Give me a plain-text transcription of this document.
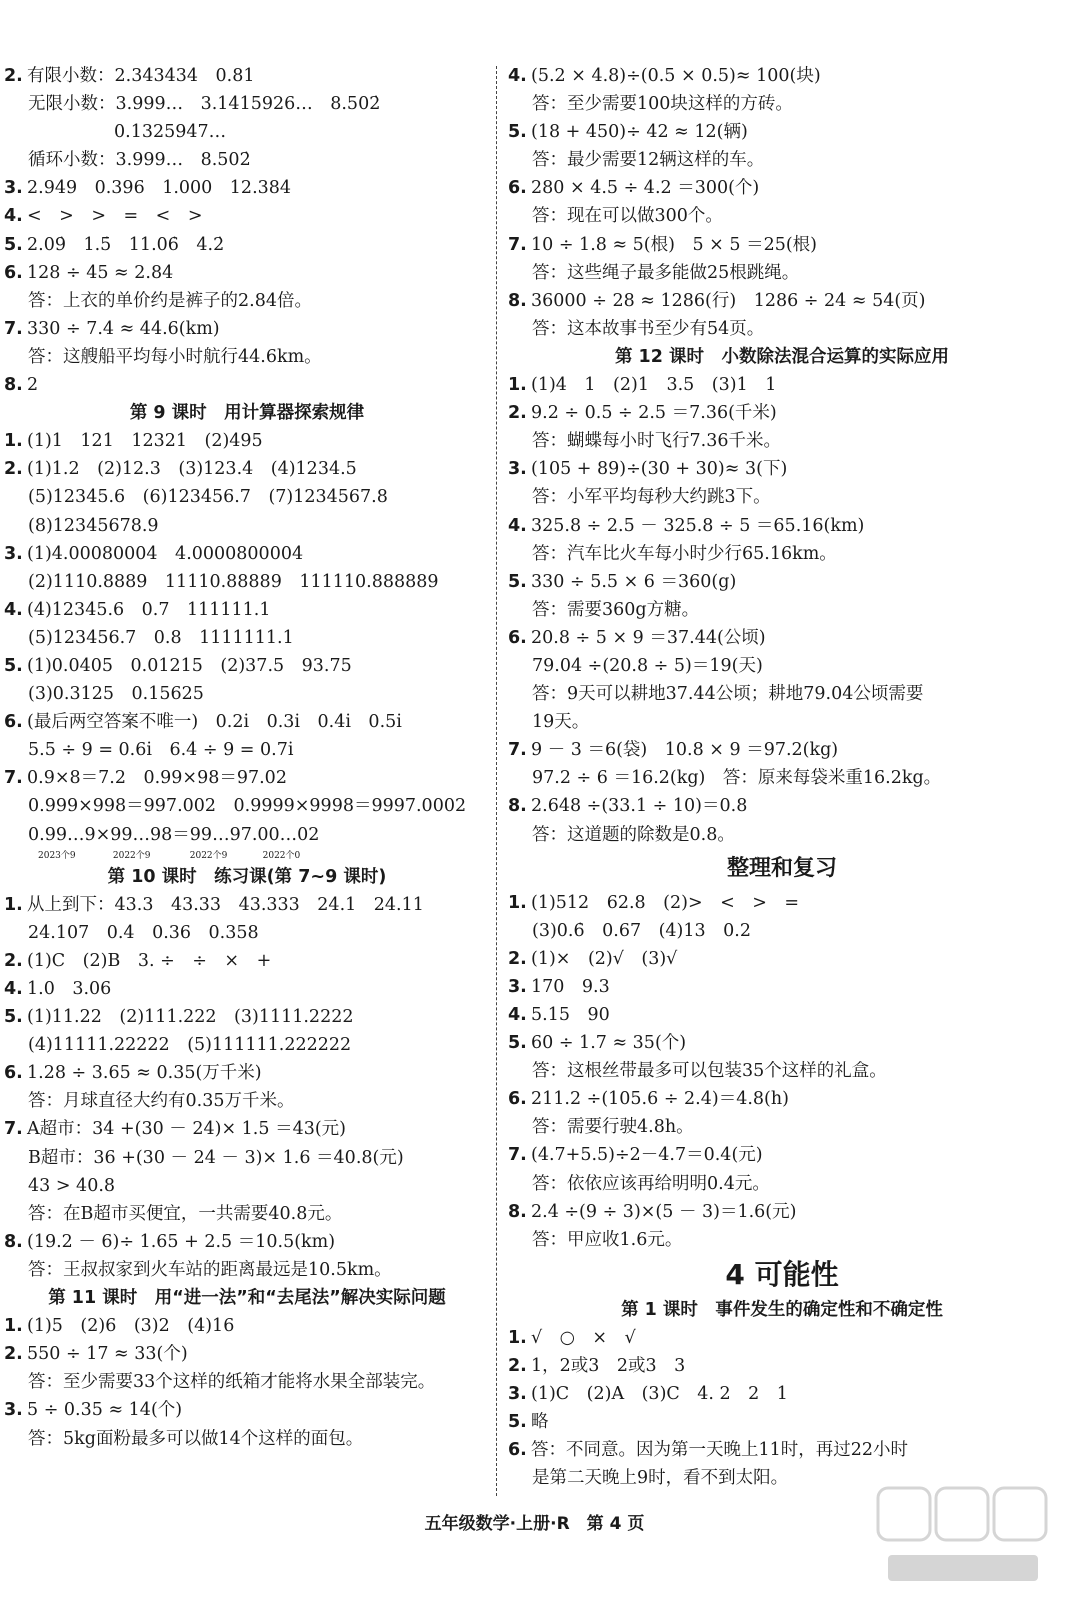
2. 有限小数：2.343434　0.81
无限小数：3.999…　3.1415926…　8.502̇
0.1325947…
循环小数：3.999…　8.502̇
3. 2.949　0.396　1.000　12.384
4. <　>　>　=　<　>
5. 2.09̇　1.5̇　11.06̇　4.2̇
6. 128 ÷ 45 ≈ 2.84
答：上衣的单价约是裤子的2.84倍。
7. 330 ÷ 7.4 ≈ 44.6(km)
答：这艘船平均每小时航行44.6km。
8. 2
第 9 课时　用计算器探索规律
1. (1)1　121　12321　(2)495
2. (1)1.2　(2)12.3　(3)123.4　(4)1234.5
(5)12345.6　(6)123456.7　(7)1234567.8
(8)12345678.9
3. (1)4.00080004　4.0000800004
(2)1110.8889　11110.88889　111110.888889
4. (4)12345.6　0.7　111111.1
(5)123456.7　0.8　1111111.1
5. (1)0.0405　0.01215　(2)37.5　93.75
(3)0.3125　0.15625
6. (最后两空答案不唯一)　0.2i̇　0.3i̇　0.4i̇　0.5i̇
5.5 ÷ 9 = 0.6i̇　6.4 ÷ 9 = 0.7i̇
7. 0.9×8＝7.2　0.99×98＝97.02
0.999×998＝997.002　0.9999×9998＝9997.0002
0.99…9×99…98＝99…97.00…02
2023个9	2022个9	2022个9	2022个0
第 10 课时　练习课(第 7~9 课时)
1. 从上到下：43.3　43.33　43.333　24.1　24.11
24.107　0.4　0.36　0.358
2. (1)C　(2)B　3. ÷　÷　×　+
4. 1.0　3.06
5. (1)11.22　(2)111.222　(3)1111.2222
(4)11111.22222　(5)111111.222222
6. 1.28 ÷ 3.65 ≈ 0.35(万千米)
答：月球直径大约有0.35万千米。
7. A超市：34 +(30 － 24)× 1.5 ＝43(元)
B超市：36 +(30 － 24 － 3)× 1.6 ＝40.8(元)
43 > 40.8
答：在B超市买便宜，一共需要40.8元。
8. (19.2 － 6)÷ 1.65 + 2.5 ＝10.5(km)
答：王叔叔家到火车站的距离最远是10.5km。
第 11 课时　用“进一法”和“去尾法”解决实际问题
1. (1)5　(2)6　(3)2　(4)16
2. 550 ÷ 17 ≈ 33(个)
答：至少需要33个这样的纸箱才能将水果全部装完。
3. 5 ÷ 0.35 ≈ 14(个)
答：5kg面粉最多可以做14个这样的面包。
4. (5.2 × 4.8)÷(0.5 × 0.5)≈ 100(块)
答：至少需要100块这样的方砖。
5. (18 + 450)÷ 42 ≈ 12(辆)
答：最少需要12辆这样的车。
6. 280 × 4.5 ÷ 4.2 ＝300(个)
答：现在可以做300个。
7. 10 ÷ 1.8 ≈ 5(根)　5 × 5 ＝25(根)
答：这些绳子最多能做25根跳绳。
8. 36000 ÷ 28 ≈ 1286(行)　1286 ÷ 24 ≈ 54(页)
答：这本故事书至少有54页。
第 12 课时　小数除法混合运算的实际应用
1. (1)4　1　(2)1　3.5　(3)1　1
2. 9.2 ÷ 0.5 ÷ 2.5 ＝7.36(千米)
答：蝴蝶每小时飞行7.36千米。
3. (105 + 89)÷(30 + 30)≈ 3(下)
答：小军平均每秒大约跳3下。
4. 325.8 ÷ 2.5 － 325.8 ÷ 5 ＝65.16(km)
答：汽车比火车每小时少行65.16km。
5. 330 ÷ 5.5 × 6 ＝360(g)
答：需要360g方糖。
6. 20.8 ÷ 5 × 9 ＝37.44(公顷)
79.04 ÷(20.8 ÷ 5)＝19(天)
答：9天可以耕地37.44公顷；耕地79.04公顷需要
19天。
7. 9 － 3 ＝6(袋)　10.8 × 9 ＝97.2(kg)
97.2 ÷ 6 ＝16.2(kg)　答：原来每袋米重16.2kg。
8. 2.648 ÷(33.1 ÷ 10)＝0.8
答：这道题的除数是0.8。
整理和复习
1. (1)512　62.8　(2)>　<　>　=
(3)0.6̇　0.67　(4)13　0.2
2. (1)×　(2)√　(3)√
3. 170　9.3
4. 5.15　90
5. 60 ÷ 1.7 ≈ 35(个)
答：这根丝带最多可以包装35个这样的礼盒。
6. 211.2 ÷(105.6 ÷ 2.4)＝4.8(h)
答：需要行驶4.8h。
7. (4.7+5.5)÷2－4.7＝0.4(元)
答：依依应该再给明明0.4元。
8. 2.4 ÷(9 ÷ 3)×(5 － 3)＝1.6(元)
答：甲应收1.6元。
4 可能性
第 1 课时　事件发生的确定性和不确定性
1. √　○　×　√
2. 1，2或3　2或3　3
3. (1)C　(2)A　(3)C　4. 2　2　1
5. 略
6. 答：不同意。因为第一天晚上11时，再过22小时
是第二天晚上9时，看不到太阳。
五年级数学·上册·R　第 4 页
